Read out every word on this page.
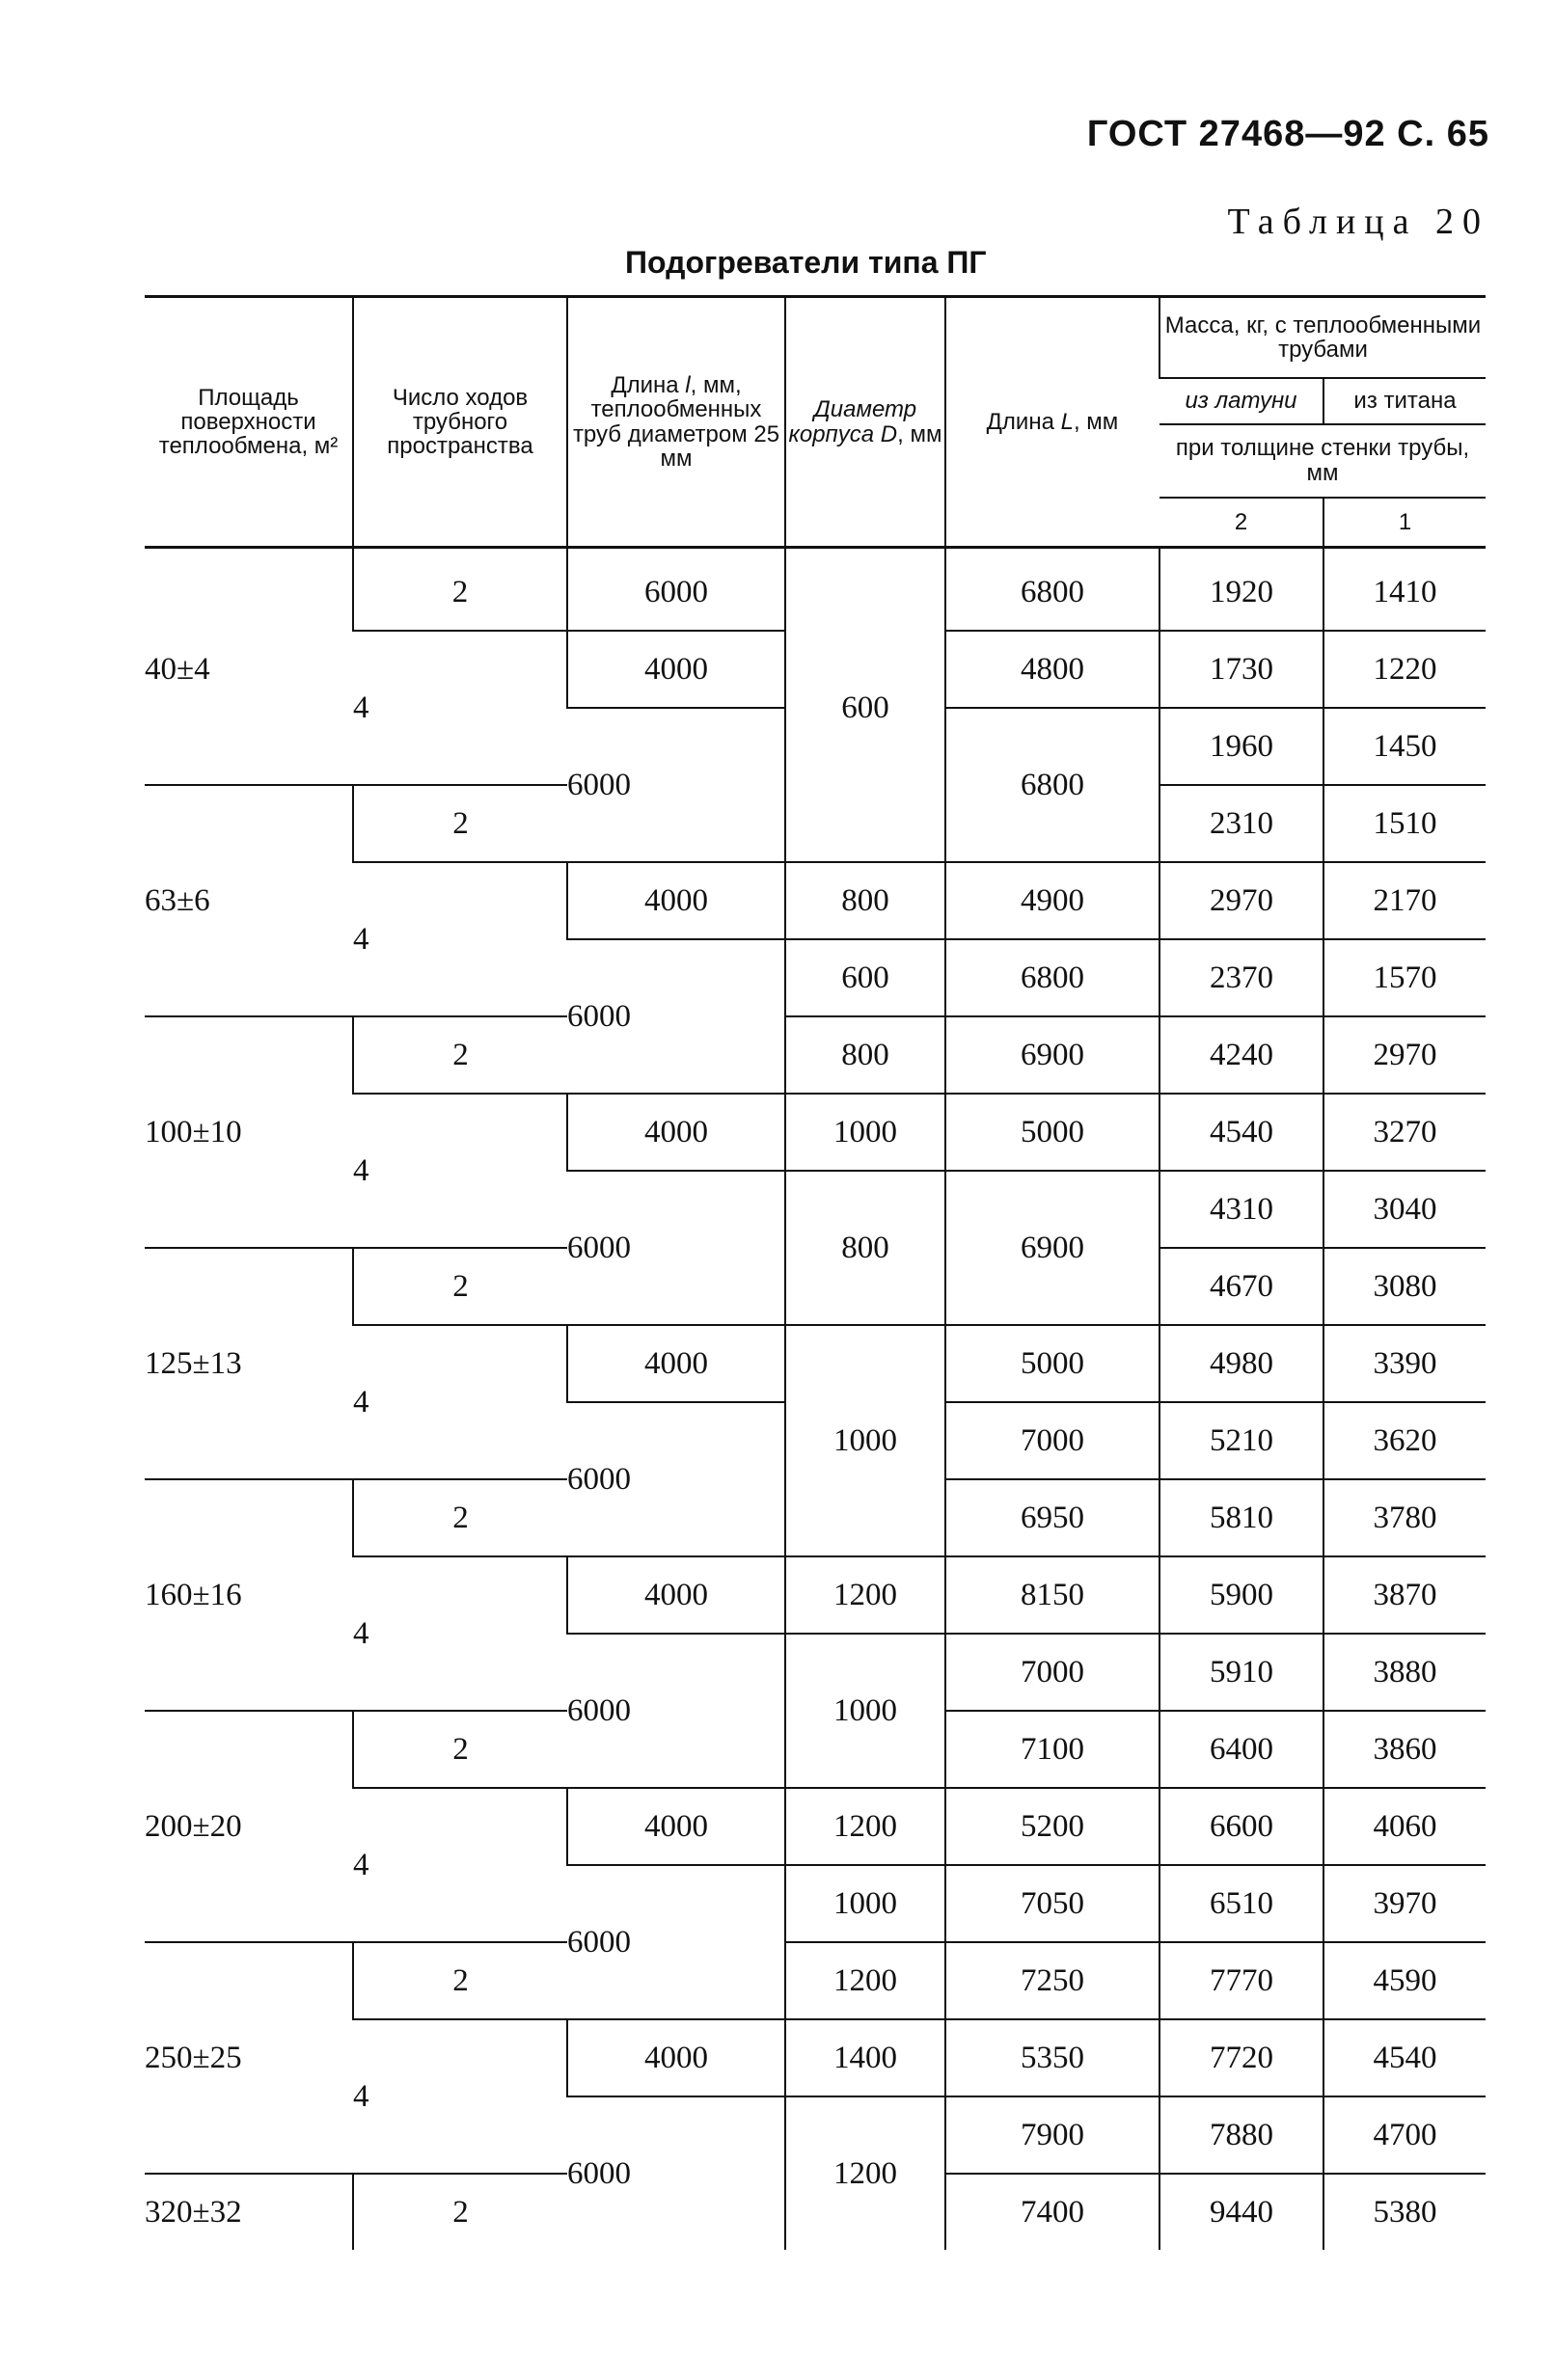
ГОСТ 27468—92 С. 65
Таблица 20
Подогреватели типа ПГ
Площадь поверхности теплообмена, м²	Число ходов трубного пространства	Длина l, мм, теплообменных труб диаметром 25 мм	Диаметр корпуса D, мм	Длина L, мм	Масса, кг, с теплообменными трубами	
					из латуни	из титана
					при толщине стенки трубы, мм	
					2	1
40±4	2	6000	600	6800	1920	1410
	4	4000		4800	1730	1220
		6000		6800	1960	1450
63±6	2				2310	1510
	4	4000	800	4900	2970	2170
		6000	600	6800	2370	1570
100±10	2		800	6900	4240	2970
	4	4000	1000	5000	4540	3270
		6000	800	6900	4310	3040
125±13	2				4670	3080
	4	4000	1000	5000	4980	3390
		6000		7000	5210	3620
160±16	2			6950	5810	3780
	4	4000	1200	8150	5900	3870
		6000	1000	7000	5910	3880
200±20	2			7100	6400	3860
	4	4000	1200	5200	6600	4060
		6000	1000	7050	6510	3970
250±25	2		1200	7250	7770	4590
	4	4000	1400	5350	7720	4540
		6000	1200	7900	7880	4700
320±32	2			7400	9440	5380
